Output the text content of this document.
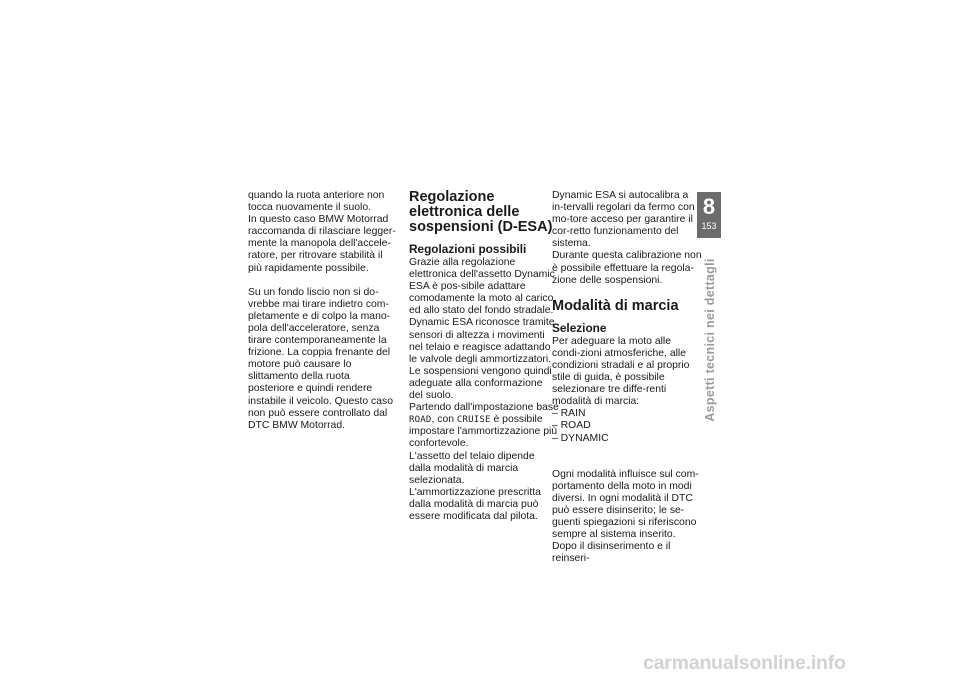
quando la ruota anteriore non tocca nuovamente il suolo.

In questo caso BMW Motorrad raccomanda di rilasciare legger-mente la manopola dell'accele-ratore, per ritrovare stabilità il più rapidamente possibile.

Su un fondo liscio non si do-vrebbe mai tirare indietro com-pletamente e di colpo la mano-pola dell'acceleratore, senza tirare contemporaneamente la frizione. La coppia frenante del motore può causare lo slittamento della ruota posteriore e quindi rendere instabile il veicolo. Questo caso non può essere controllato dal DTC BMW Motorrad.

Regolazione elettronica delle sospensioni (D-ESA)
Regolazioni possibili

Grazie alla regolazione elettronica dell'assetto Dynamic ESA è pos-sibile adattare comodamente la moto al carico ed allo stato del fondo stradale.

Dynamic ESA riconosce tramite sensori di altezza i movimenti nel telaio e reagisce adattando le valvole degli ammortizzatori.

Le sospensioni vengono quindi adeguate alla conformazione del suolo.

Partendo dall'impostazione base ROAD, con CRUISE è possibile impostare l'ammortizzazione più confortevole.

L'assetto del telaio dipende dalla modalità di marcia selezionata.

L'ammortizzazione prescritta dalla modalità di marcia può essere modificata dal pilota.

Dynamic ESA si autocalibra a in-tervalli regolari da fermo con mo-tore acceso per garantire il cor-retto funzionamento del sistema.

Durante questa calibrazione non è possibile effettuare la regola-zione delle sospensioni.

Modalità di marcia
Selezione

Per adeguare la moto alle condi-zioni atmosferiche, alle condizioni stradali e al proprio stile di guida, è possibile selezionare tre diffe-renti modalità di marcia:

– RAIN
– ROAD
– DYNAMIC

Ogni modalità influisce sul com-portamento della moto in modi diversi. In ogni modalità il DTC può essere disinserito; le se-guenti spiegazioni si riferiscono sempre al sistema inserito. Dopo il disinserimento e il reinseri-

8
153
Aspetti tecnici nei dettagli
carmanualsonline.info
